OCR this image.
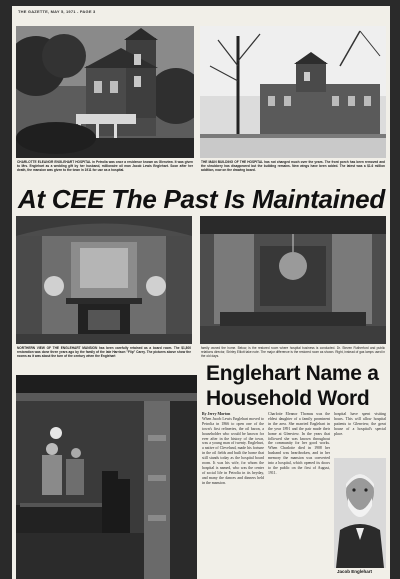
THE GAZETTE, MAY 5, 1971 - PAGE 3
CHARLOTTE ELEANOR ENGLEHART HOSPITAL in Petrolia was once a residence known as Glenview. It was given to Mrs. Englehart as a wedding gift by her husband, millionaire oil man Jacob Lewis Englehart. Soon after her death, the mansion was given to the town in 1911 for use as a hospital.
THE MAIN BUILDING OF THE HOSPITAL has not changed much over the years. The front porch has been removed and the shrubbery has disappeared but the building remains. New wings have been added. The latest was a $1.6 million addition, now on the drawing board.
At CEE The Past Is Maintained
NORTHERN VIEW OF THE ENGLEHART MANSION has been carefully retained as a board room. The $1,800 restoration was done three years ago by the family of the late Harrison "Flip" Carey. The pictures above show the rooms as it was about the turn of the century when the Englehart
family owned the home. Below, is the restored room where hospital business is conducted. Dr. Steven Rutherford and public relations director, Shirley Elliott take note. The major difference is the restored room as shown. Right, instead of gas lamps used in the old days.
Englehart Name a Household Word
By Jerry Morton
When Jacob Lewis Englehart moved to Petrolia in 1866 to open one of the town's first refineries, the oil baron, a householder who would be known for ever after in the history of the town, was a young man of twenty. Englehart, a native of Cleveland, made his fortune in the oil fields and built the home that still stands today as the hospital board room. It was his wife, for whom the hospital is named, who was the center of social life in Petrolia in its heyday, and many the dances and dinners held in the mansion.
Charlotte Eleanor Thomas was the eldest daughter of a family prominent in the area. She married Englehart in the year 1891 and the pair made their home at Glenview. In the years that followed she was known throughout the community for her good works. When Charlotte died in 1908 her husband was heartbroken, and in her memory the mansion was converted into a hospital, which opened its doors to the public on the first of August, 1911.
hospital have spent visiting hours. This will allow hospital patients to Glenview, the great house of a hospital's special place.
Jacob Englehart
